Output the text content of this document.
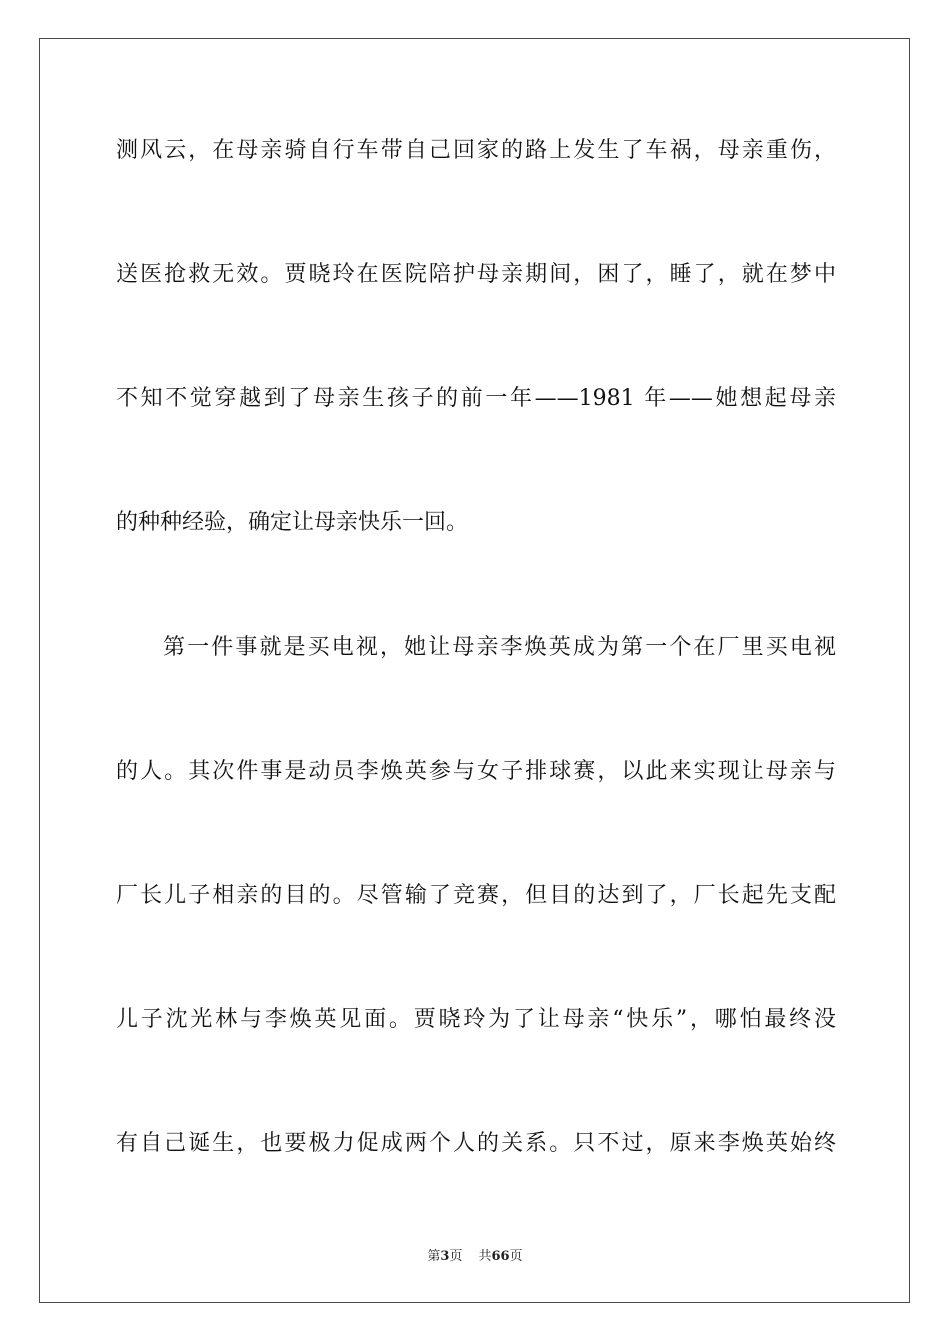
测风云，在母亲骑自行车带自己回家的路上发生了车祸，母亲重伤，
送医抢救无效。贾晓玲在医院陪护母亲期间，困了，睡了，就在梦中
不知不觉穿越到了母亲生孩子的前一年——1981 年——她想起母亲
的种种经验，确定让母亲快乐一回。
第一件事就是买电视，她让母亲李焕英成为第一个在厂里买电视
的人。其次件事是动员李焕英参与女子排球赛，以此来实现让母亲与
厂长儿子相亲的目的。尽管输了竞赛，但目的达到了，厂长起先支配
儿子沈光林与李焕英见面。贾晓玲为了让母亲“快乐”，哪怕最终没
有自己诞生，也要极力促成两个人的关系。只不过，原来李焕英始终
第3页 共66页
